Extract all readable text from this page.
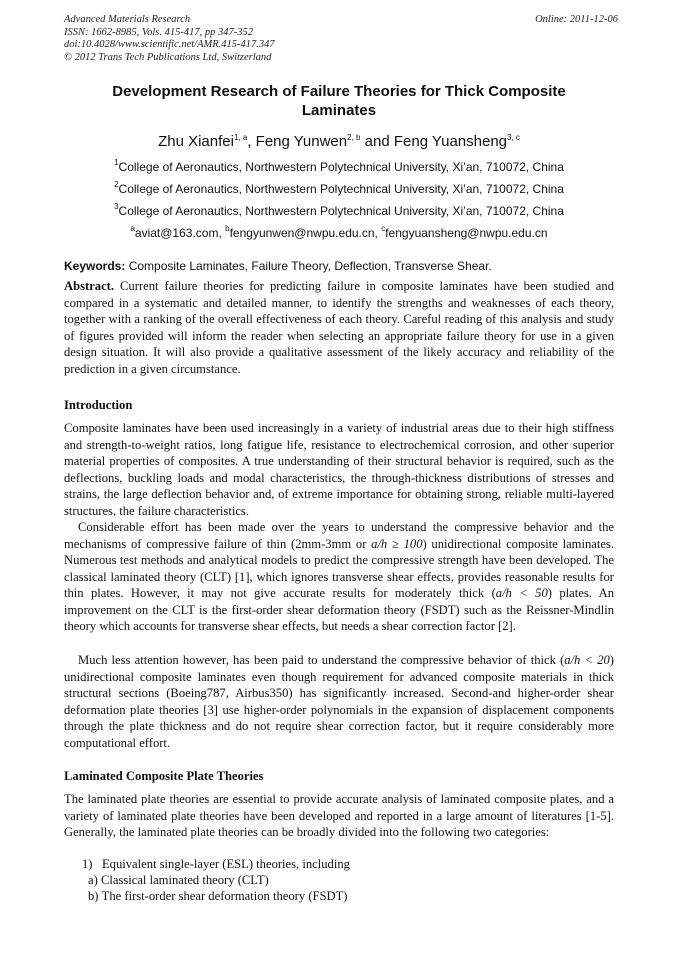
Advanced Materials Research
ISSN: 1662-8985, Vols. 415-417, pp 347-352
doi:10.4028/www.scientific.net/AMR.415-417.347
© 2012 Trans Tech Publications Ltd, Switzerland
Online: 2011-12-06
Development Research of Failure Theories for Thick Composite Laminates
Zhu Xianfei$^{1, a}$, Feng Yunwen$^{2, b}$ and Feng Yuansheng$^{3, c}$
$^1$College of Aeronautics, Northwestern Polytechnical University, Xi’an, 710072, China
$^2$College of Aeronautics, Northwestern Polytechnical University, Xi’an, 710072, China
$^3$College of Aeronautics, Northwestern Polytechnical University, Xi’an, 710072, China
$^a$aviat@163.com, $^b$fengyunwen@nwpu.edu.cn, $^c$fengyuansheng@nwpu.edu.cn
Keywords: Composite Laminates, Failure Theory, Deflection, Transverse Shear.
Abstract. Current failure theories for predicting failure in composite laminates have been studied and compared in a systematic and detailed manner, to identify the strengths and weaknesses of each theory, together with a ranking of the overall effectiveness of each theory. Careful reading of this analysis and study of figures provided will inform the reader when selecting an appropriate failure theory for use in a given design situation. It will also provide a qualitative assessment of the likely accuracy and reliability of the prediction in a given circumstance.
Introduction
Composite laminates have been used increasingly in a variety of industrial areas due to their high stiffness and strength-to-weight ratios, long fatigue life, resistance to electrochemical corrosion, and other superior material properties of composites. A true understanding of their structural behavior is required, such as the deflections, buckling loads and modal characteristics, the through-thickness distributions of stresses and strains, the large deflection behavior and, of extreme importance for obtaining strong, reliable multi-layered structures, the failure characteristics.
Considerable effort has been made over the years to understand the compressive behavior and the mechanisms of compressive failure of thin (2mm-3mm or a/h ≥ 100) unidirectional composite laminates. Numerous test methods and analytical models to predict the compressive strength have been developed. The classical laminated theory (CLT) [1], which ignores transverse shear effects, provides reasonable results for thin plates. However, it may not give accurate results for moderately thick (a/h < 50) plates. An improvement on the CLT is the first-order shear deformation theory (FSDT) such as the Reissner-Mindlin theory which accounts for transverse shear effects, but needs a shear correction factor [2].
Much less attention however, has been paid to understand the compressive behavior of thick (a/h < 20) unidirectional composite laminates even though requirement for advanced composite materials in thick structural sections (Boeing787, Airbus350) has significantly increased. Second-and higher-order shear deformation plate theories [3] use higher-order polynomials in the expansion of displacement components through the plate thickness and do not require shear correction factor, but it require considerably more computational effort.
Laminated Composite Plate Theories
The laminated plate theories are essential to provide accurate analysis of laminated composite plates, and a variety of laminated plate theories have been developed and reported in a large amount of literatures [1-5]. Generally, the laminated plate theories can be broadly divided into the following two categories:
1) Equivalent single-layer (ESL) theories, including
a) Classical laminated theory (CLT)
b) The first-order shear deformation theory (FSDT)
